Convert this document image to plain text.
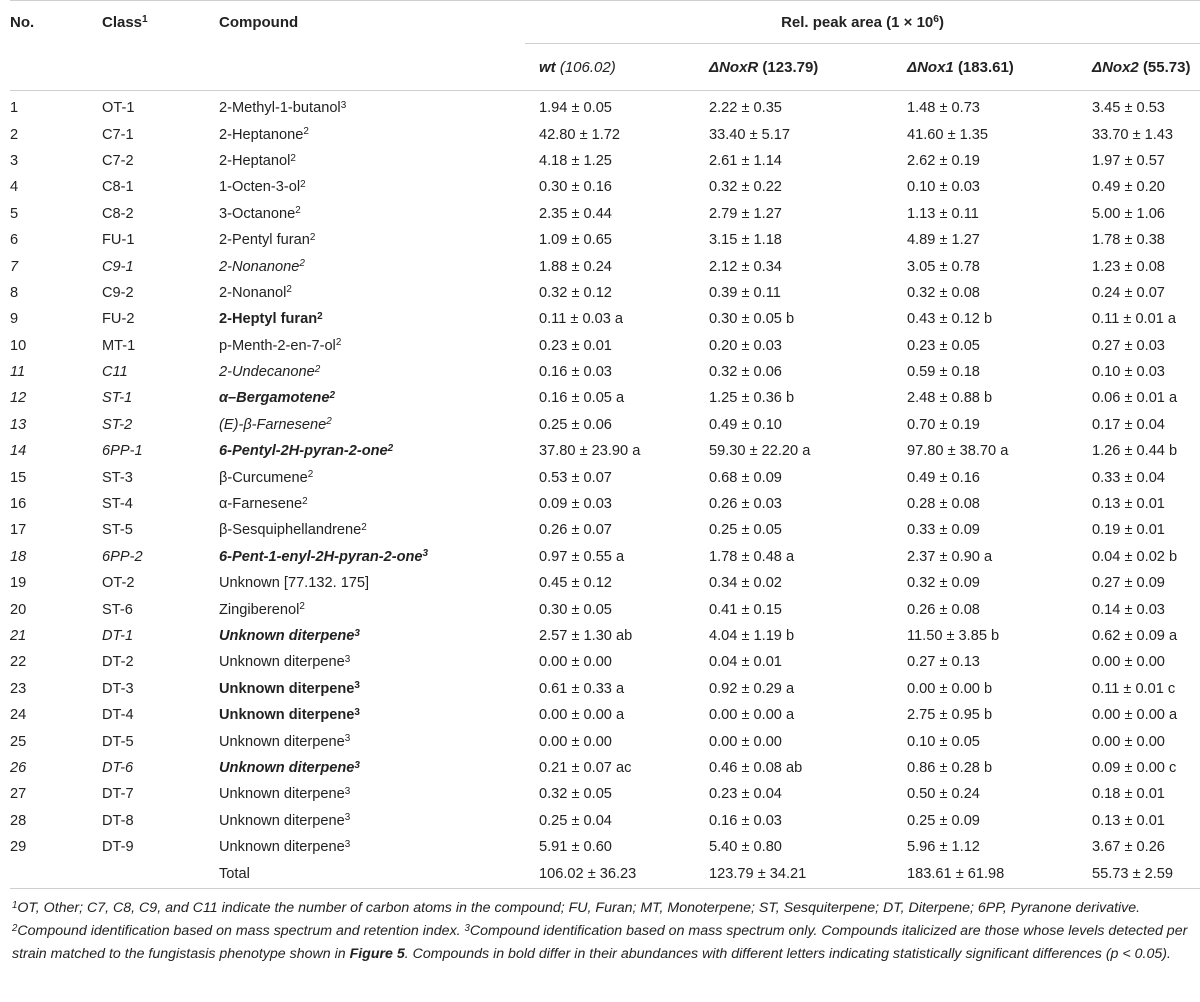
No.	Class$^1$	Compound	Rel. peak area $(1 \times 10^6)$			
			wt (106.02)	ΔNoxR (123.79)	ΔNox1 (183.61)	ΔNox2 (55.73)
1	OT-1	2-Methyl-1-butanol$^3$	1.94 ± 0.05	2.22 ± 0.35	1.48 ± 0.73	3.45 ± 0.53
2	C7-1	2-Heptanone$^2$	42.80 ± 1.72	33.40 ± 5.17	41.60 ± 1.35	33.70 ± 1.43
3	C7-2	2-Heptanol$^2$	4.18 ± 1.25	2.61 ± 1.14	2.62 ± 0.19	1.97 ± 0.57
4	C8-1	$1-Octen-3-ol^2$	0.30 ± 0.16	0.32 ± 0.22	0.10 ± 0.03	0.49 ± 0.20
5	C8-2	3-Octanone$^2$	2.35 ± 0.44	2.79 ± 1.27	1.13 ± 0.11	5.00 ± 1.06
6	FU-1	2-Pentyl furan$^2$	1.09 ± 0.65	3.15 ± 1.18	4.89 ± 1.27	1.78 ± 0.38
7	C9-1	2-Nonanone$^2$	1.88 ± 0.24	2.12 ± 0.34	3.05 ± 0.78	1.23 ± 0.08
8	C9-2	2-Nonanol$^2$	0.32 ± 0.12	0.39 ± 0.11	0.32 ± 0.08	0.24 ± 0.07
9	FU-2	2-Heptyl furan$^2$	0.11 ± 0.03 a	0.30 ± 0.05 b	0.43 ± 0.12 b	0.11 ± 0.01 a
10	MT-1	$p-Menth-2-en-7-ol^2$	0.23 ± 0.01	0.20 ± 0.03	0.23 ± 0.05	0.27 ± 0.03
11	C11	2-Undecanone$^2$	0.16 ± 0.03	0.32 ± 0.06	0.59 ± 0.18	0.10 ± 0.03
12	ST-1	α–Bergamotene$^2$	0.16 ± 0.05 a	1.25 ± 0.36 b	2.48 ± 0.88 b	0.06 ± 0.01 a
13	ST-2	(E)-β-Farnesene$^2$	0.25 ± 0.06	0.49 ± 0.10	0.70 ± 0.19	0.17 ± 0.04
14	6PP-1	6-Pentyl-2H-pyran-2-one$^2$	37.80 ± 23.90 a	59.30 ± 22.20 a	97.80 ± 38.70 a	1.26 ± 0.44 b
15	ST-3	β-Curcumene$^2$	0.53 ± 0.07	0.68 ± 0.09	0.49 ± 0.16	0.33 ± 0.04
16	ST-4	α-Farnesene$^2$	0.09 ± 0.03	0.26 ± 0.03	0.28 ± 0.08	0.13 ± 0.01
17	ST-5	β-Sesquiphellandrene$^2$	0.26 ± 0.07	0.25 ± 0.05	0.33 ± 0.09	0.19 ± 0.01
18	6PP-2	6-Pent-1-enyl-2H-pyran-2-one$^3$	0.97 ± 0.55 a	1.78 ± 0.48 a	2.37 ± 0.90 a	0.04 ± 0.02 b
19	OT-2	Unknown [77.132. 175]	0.45 ± 0.12	0.34 ± 0.02	0.32 ± 0.09	0.27 ± 0.09
20	ST-6	Zingiberenol$^2$	0.30 ± 0.05	0.41 ± 0.15	0.26 ± 0.08	0.14 ± 0.03
21	DT-1	Unknown diterpene$^3$	2.57 ± 1.30 ab	4.04 ± 1.19 b	11.50 ± 3.85 b	0.62 ± 0.09 a
22	DT-2	Unknown diterpene$^3$	0.00 ± 0.00	0.04 ± 0.01	0.27 ± 0.13	0.00 ± 0.00
23	DT-3	Unknown diterpene$^3$	0.61 ± 0.33 a	0.92 ± 0.29 a	0.00 ± 0.00 b	0.11 ± 0.01 c
24	DT-4	Unknown diterpene$^3$	0.00 ± 0.00 a	0.00 ± 0.00 a	2.75 ± 0.95 b	0.00 ± 0.00 a
25	DT-5	Unknown diterpene$^3$	0.00 ± 0.00	0.00 ± 0.00	0.10 ± 0.05	0.00 ± 0.00
26	DT-6	Unknown diterpene$^3$	0.21 ± 0.07 ac	0.46 ± 0.08 ab	0.86 ± 0.28 b	0.09 ± 0.00 c
27	DT-7	Unknown diterpene$^3$	0.32 ± 0.05	0.23 ± 0.04	0.50 ± 0.24	0.18 ± 0.01
28	DT-8	Unknown diterpene$^3$	0.25 ± 0.04	0.16 ± 0.03	0.25 ± 0.09	0.13 ± 0.01
29	DT-9	Unknown diterpene$^3$	5.91 ± 0.60	5.40 ± 0.80	5.96 ± 1.12	3.67 ± 0.26
		Total	106.02 ± 36.23	123.79 ± 34.21	183.61 ± 61.98	55.73 ± 2.59
$^1$OT, Other; C7, C8, C9, and C11 indicate the number of carbon atoms in the compound; FU, Furan; MT, Monoterpene; ST, Sesquiterpene; DT, Diterpene; 6PP, Pyranone derivative. $^2$Compound identification based on mass spectrum and retention index. $^3$Compound identification based on mass spectrum only. Compounds italicized are those whose levels detected per strain matched to the fungistasis phenotype shown in Figure 5. Compounds in bold differ in their abundances with different letters indicating statistically significant differences (p < 0.05).
